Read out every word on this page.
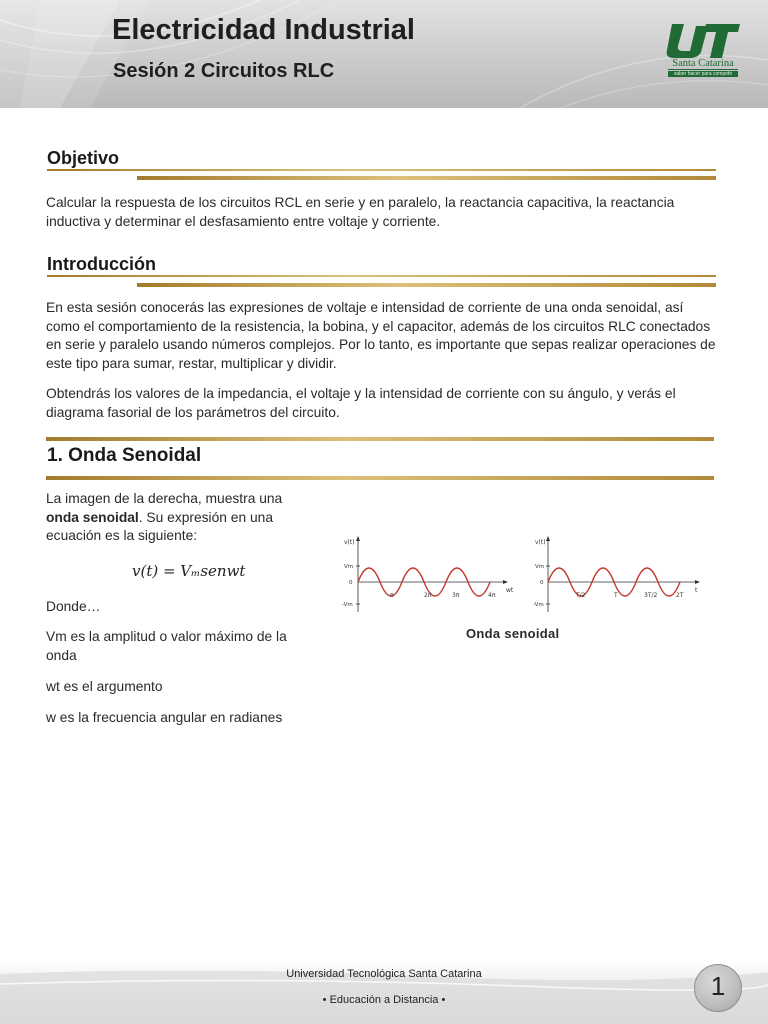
Electricidad Industrial
Sesión 2 Circuitos RLC	Santa Catarina
saber hacer para competir
Objetivo
Calcular la respuesta de los circuitos RCL en serie y en paralelo, la reactancia capacitiva, la reactancia inductiva y determinar el desfasamiento entre voltaje y corriente.
Introducción
En esta sesión conocerás las expresiones de voltaje e intensidad de corriente de una onda senoidal, así como el comportamiento de la resistencia, la bobina, y el capacitor, además de los circuitos RLC conectados en serie y paralelo usando números complejos. Por lo tanto, es importante que sepas realizar operaciones de este tipo para sumar, restar, multiplicar y dividir.
Obtendrás los valores de la impedancia, el voltaje y la intensidad de corriente con su ángulo, y verás el diagrama fasorial de los parámetros del circuito.
1. Onda Senoidal
La imagen de la derecha, muestra una onda senoidal. Su expresión en una ecuación es la siguiente:
v(t) = Vₘsenwt
Donde…
Vm es la amplitud o valor máximo de la onda
wt es el argumento
w es la frecuencia angular en radianes
v(t)
Vm
0
-Vm
π	2π	3π	4π
wt
v(t)
Vm
0
-Vm
T/2	T	3T/2	2T
t
Onda senoidal
Universidad Tecnológica Santa Catarina
• Educación a Distancia •	1
